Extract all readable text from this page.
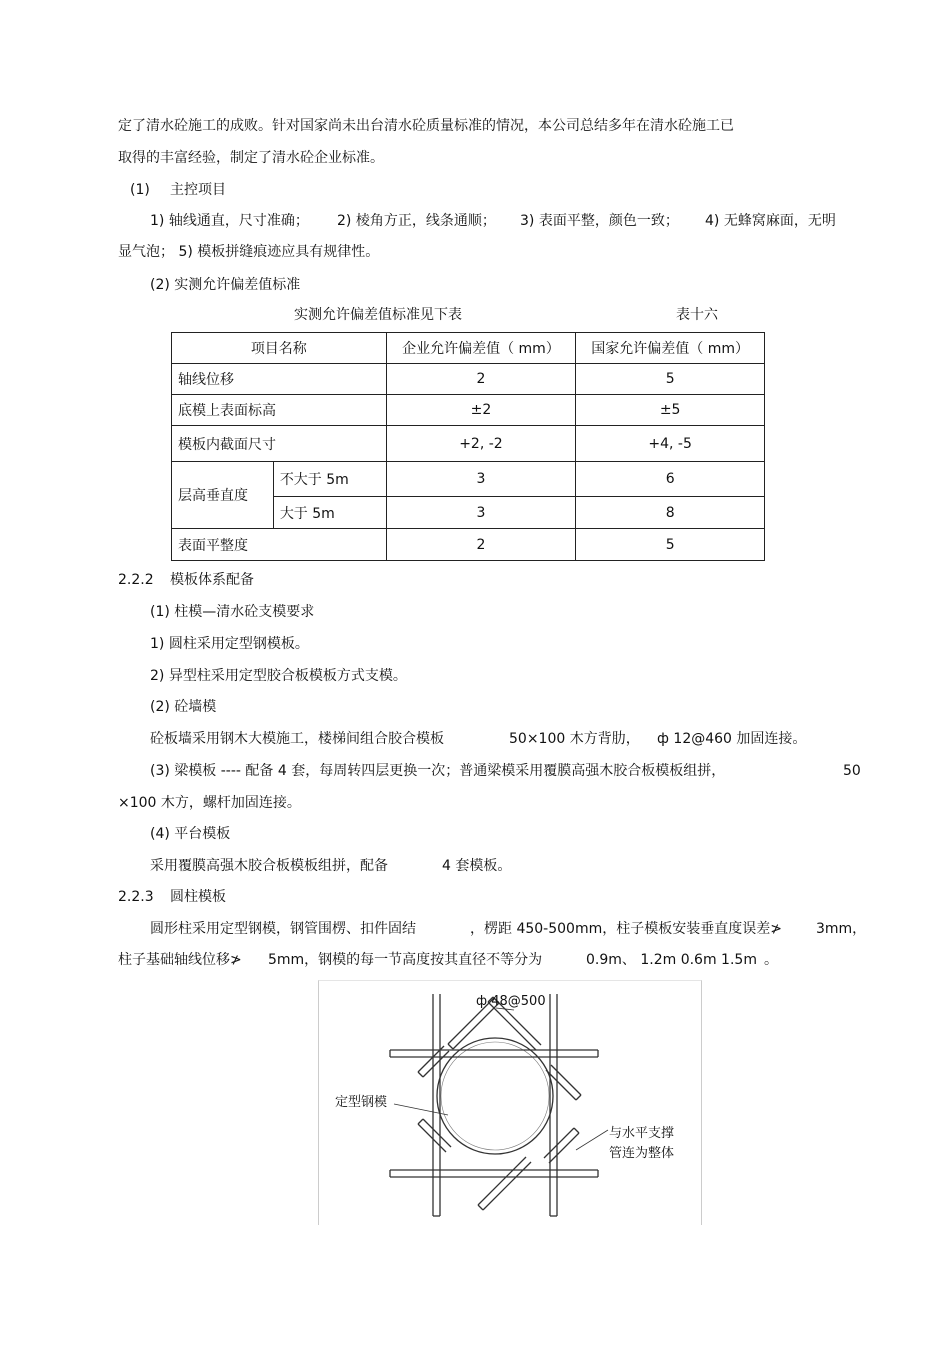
定了清水砼施工的成败。针对国家尚未出台清水砼质量标准的情况，本公司总结多年在清水砼施工已
取得的丰富经验，制定了清水砼企业标准。
(1) 主控项目
1) 轴线通直，尺寸准确； 2) 棱角方正，线条通顺； 3) 表面平整，颜色一致； 4) 无蜂窝麻面，无明
显气泡； 5) 模板拼缝痕迹应具有规律性。
(2) 实测允许偏差值标准
实测允许偏差值标准见下表	表十六
项目名称		企业允许偏差值（ mm）	国家允许偏差值（ mm）
轴线位移		2	5
底模上表面标高		±2	±5
模板内截面尺寸		+2, -2	+4, -5
层高垂直度	不大于 5m	3	6
	大于 5m	3	8
表面平整度		2	5
2.2.2 模板体系配备
(1) 柱模—清水砼支模要求
1) 圆柱采用定型钢模板。
2) 异型柱采用定型胶合板模板方式支模。
(2) 砼墙模
砼板墙采用钢木大模施工，楼梯间组合胶合模板	50×100 木方背肋， ф 12@460 加固连接。
(3) 梁模板 ---- 配备 4 套，每周转四层更换一次；普通梁模采用覆膜高强木胶合板模板组拼，	50
×100 木方，螺杆加固连接。
(4) 平台模板
采用覆膜高强木胶合板模板组拼，配备	4 套模板。
2.2.3 圆柱模板
圆形柱采用定型钢模，钢管围楞、扣件固结	，楞距 450-500mm，柱子模板安装垂直度误差≯ 3mm，
柱子基础轴线位移≯ 5mm，钢模的每一节高度按其直径不等分为	0.9m、 1.2m 0.6m 1.5m 。
ф 48@500
定型钢模
与水平支撑
管连为整体
